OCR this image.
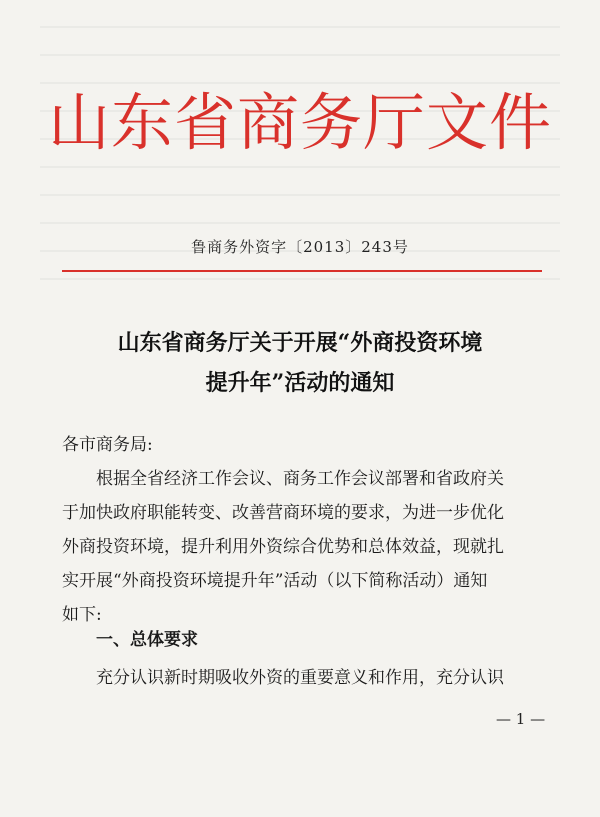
山东省商务厅文件
鲁商务外资字〔2013〕243号
山东省商务厅关于开展“外商投资环境
提升年”活动的通知
各市商务局:
根据全省经济工作会议、商务工作会议部署和省政府关
于加快政府职能转变、改善营商环境的要求，为进一步优化
外商投资环境，提升利用外资综合优势和总体效益，现就扎
实开展“外商投资环境提升年”活动（以下简称活动）通知
如下:
一、总体要求
充分认识新时期吸收外资的重要意义和作用，充分认识
— 1 —
